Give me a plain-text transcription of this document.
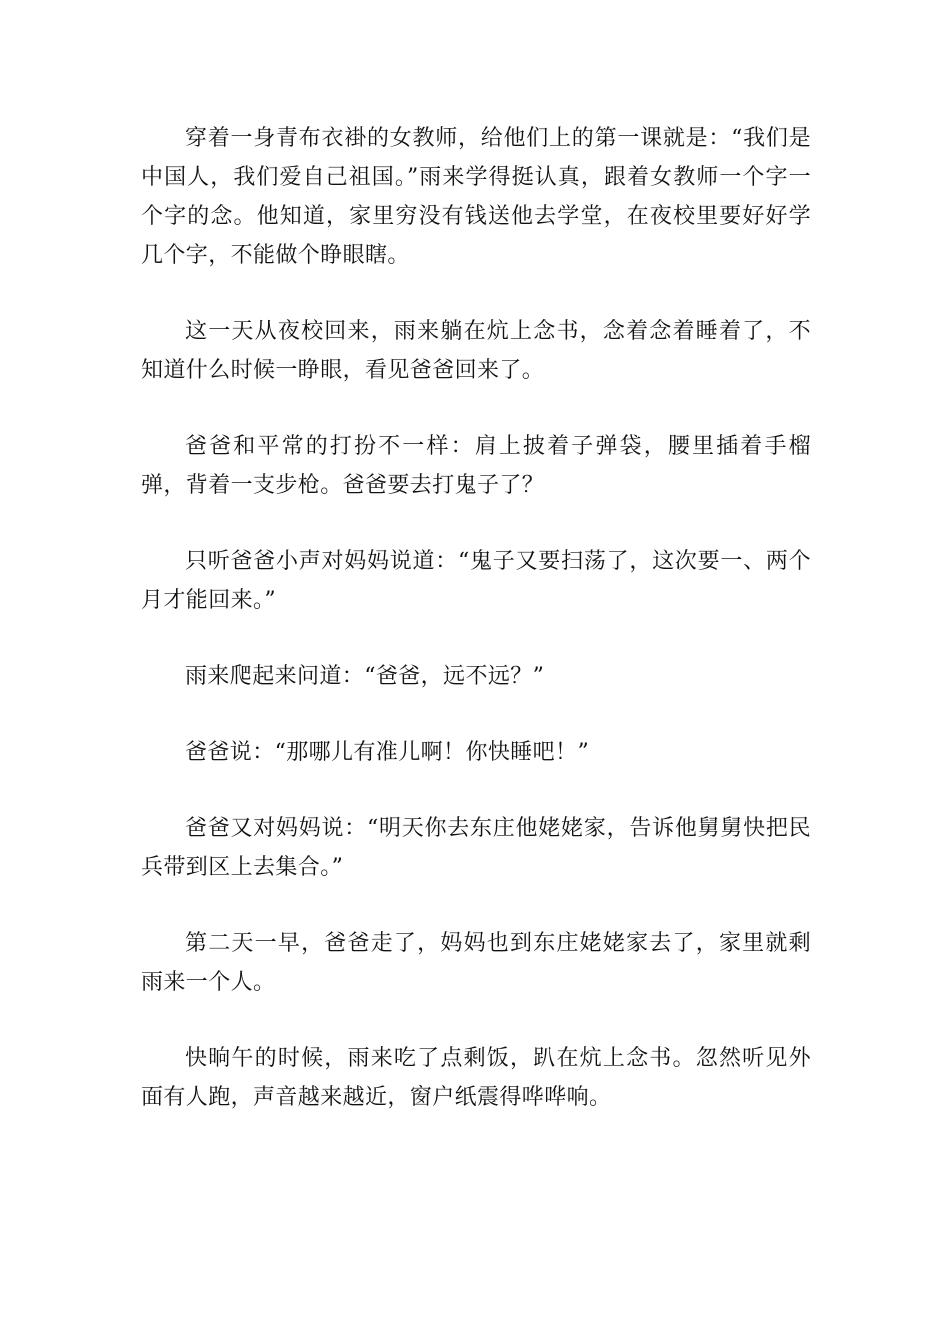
穿着一身青布衣褂的女教师，给他们上的第一课就是：“我们是中国人，我们爱自己祖国。”雨来学得挺认真，跟着女教师一个字一个字的念。他知道，家里穷没有钱送他去学堂，在夜校里要好好学几个字，不能做个睁眼瞎。

这一天从夜校回来，雨来躺在炕上念书，念着念着睡着了，不知道什么时候一睁眼，看见爸爸回来了。

爸爸和平常的打扮不一样：肩上披着子弹袋，腰里插着手榴弹，背着一支步枪。爸爸要去打鬼子了？

只听爸爸小声对妈妈说道：“鬼子又要扫荡了，这次要一、两个月才能回来。”

雨来爬起来问道：“爸爸，远不远？”

爸爸说：“那哪儿有准儿啊！你快睡吧！”

爸爸又对妈妈说：“明天你去东庄他姥姥家，告诉他舅舅快把民兵带到区上去集合。”

第二天一早，爸爸走了，妈妈也到东庄姥姥家去了，家里就剩雨来一个人。

快晌午的时候，雨来吃了点剩饭，趴在炕上念书。忽然听见外面有人跑，声音越来越近，窗户纸震得哗哗响。
